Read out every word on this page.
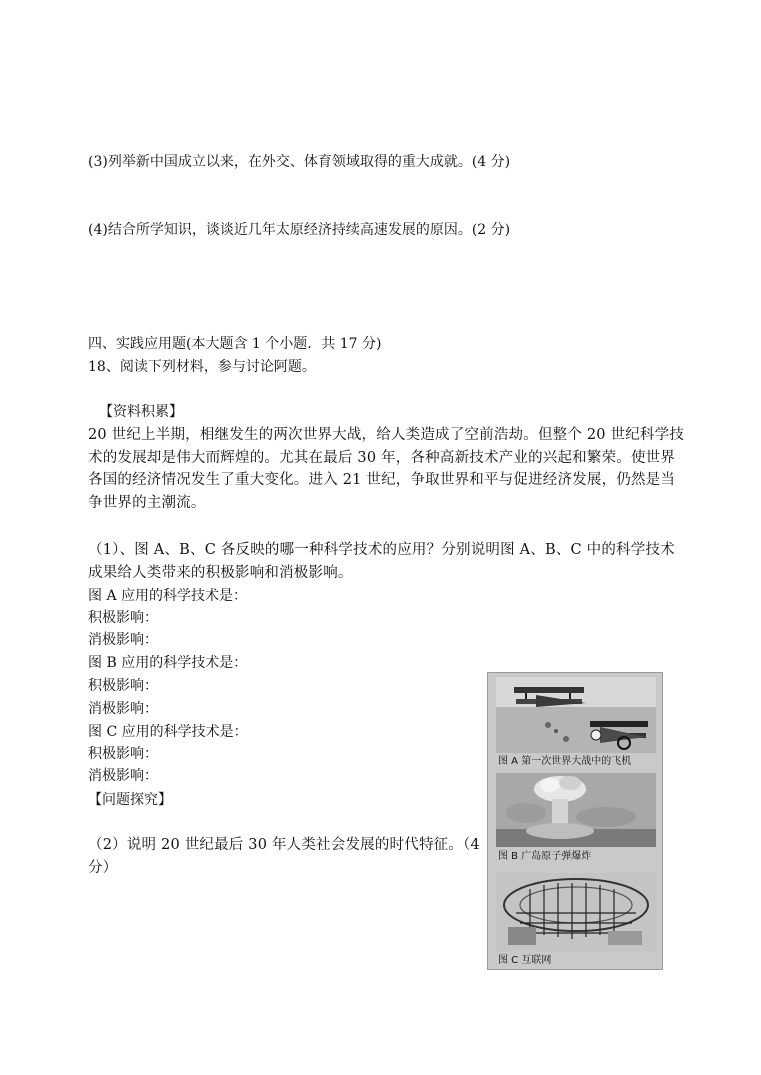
(3)列举新中国成立以来，在外交、体育领域取得的重大成就。(4 分)
(4)结合所学知识，谈谈近几年太原经济持续高速发展的原因。(2 分)
四、实践应用题(本大题含 1 个小题．共 17 分)
18、阅读下列材料，参与讨论阿题。
【资料积累】
20 世纪上半期，相继发生的两次世界大战，给人类造成了空前浩劫。但整个 20 世纪科学技术的发展却是伟大而辉煌的。尤其在最后 30 年，各种高新技术产业的兴起和繁荣。使世界各国的经济情况发生了重大变化。进入 21 世纪，争取世界和平与促进经济发展，仍然是当争世界的主潮流。
（1）、图 A、B、C 各反映的哪一种科学技术的应用？分别说明图 A、B、C 中的科学技术成果给人类带来的积极影响和消极影响。
图 A 应用的科学技术是：
积极影响：
消极影响：
图 B 应用的科学技术是：
积极影响：
消极影响：
图 C 应用的科学技术是：
积极影响：
消极影响：
【问题探究】
（2）说明 20 世纪最后 30 年人类社会发展的时代特征。（4 分）
图 A 第一次世界大战中的飞机
图 B 广岛原子弹爆炸
图 C 互联网
